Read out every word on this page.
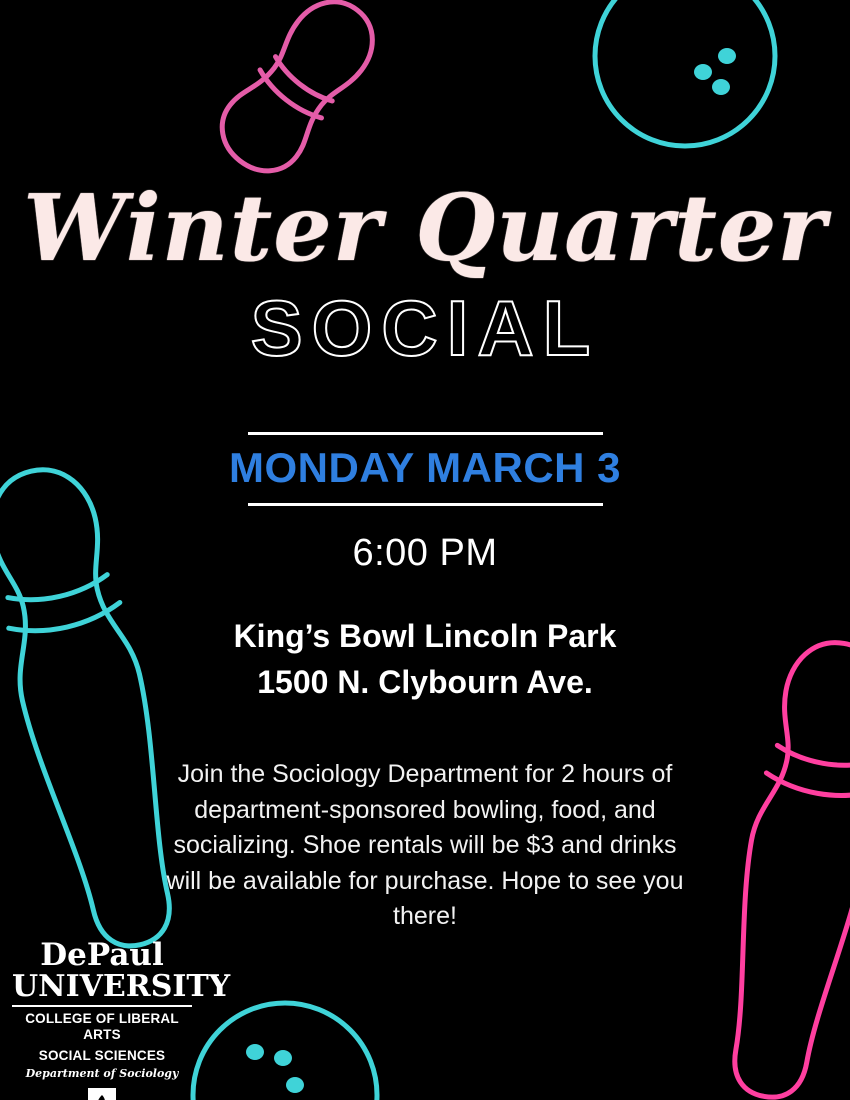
Winter Quarter
SOCIAL

MONDAY MARCH 3

6:00 PM

King’s Bowl Lincoln Park
1500 N. Clybourn Ave.

Join the Sociology Department for 2 hours of department-sponsored bowling, food, and socializing. Shoe rentals will be $3 and drinks will be available for purchase. Hope to see you there!

DePaul
UNIVERSITY
COLLEGE OF LIBERAL ARTS
SOCIAL SCIENCES
Department of Sociology
